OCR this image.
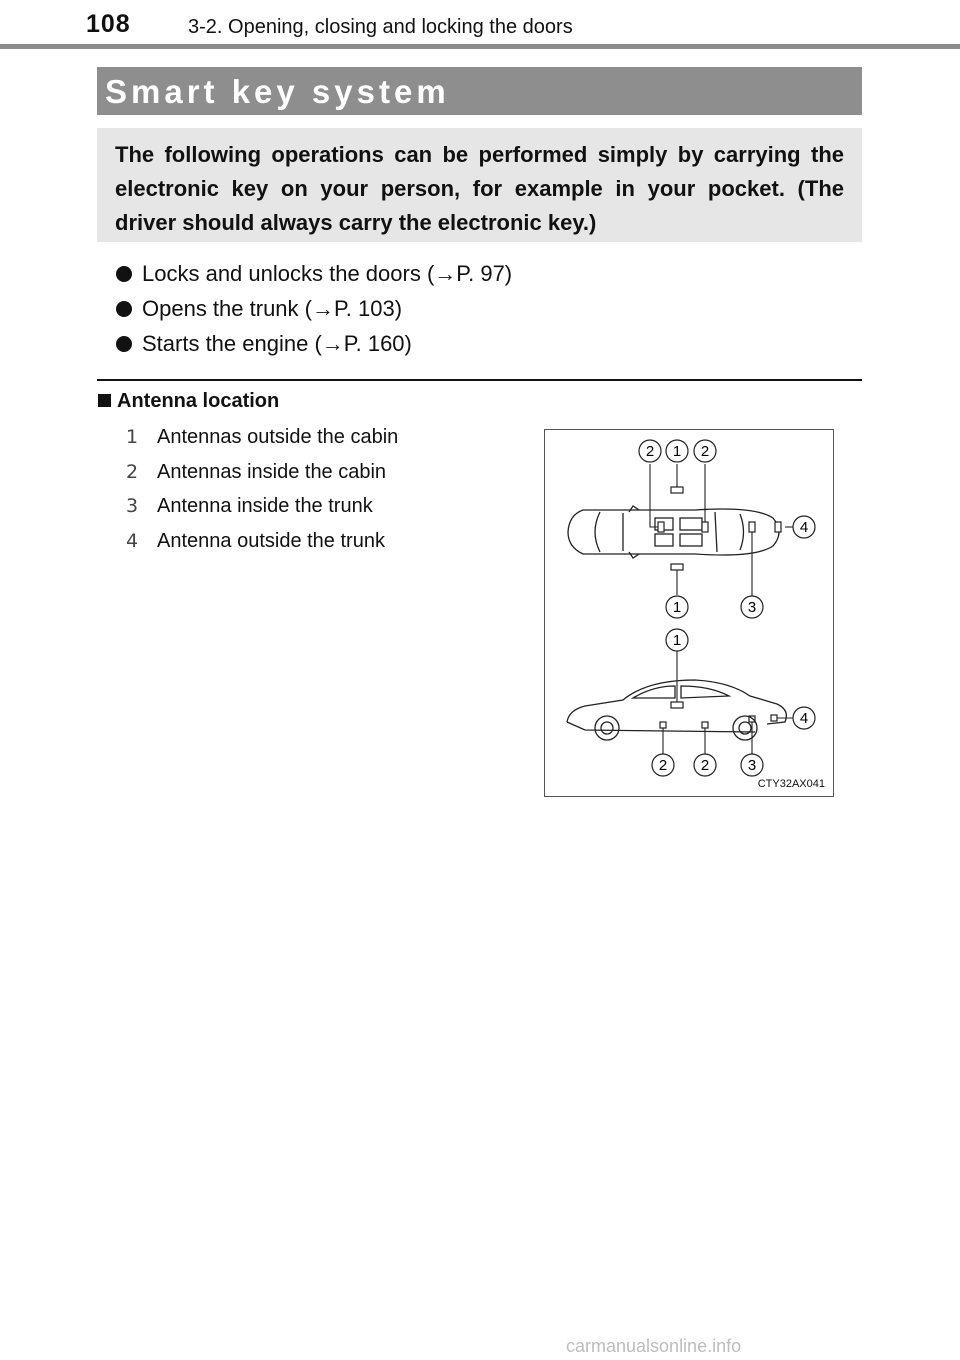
108	3-2. Opening, closing and locking the doors
Smart key system
The following operations can be performed simply by carrying the electronic key on your person, for example in your pocket. (The driver should always carry the electronic key.)
Locks and unlocks the doors (→P. 97)
Opens the trunk (→P. 103)
Starts the engine (→P. 160)
Antenna location
1 Antennas outside the cabin
2 Antennas inside the cabin
3 Antenna inside the trunk
4 Antenna outside the trunk
2 1 2
4
1	3
1
4
2 2	3
CTY32AX041
carmanualsonline.info
